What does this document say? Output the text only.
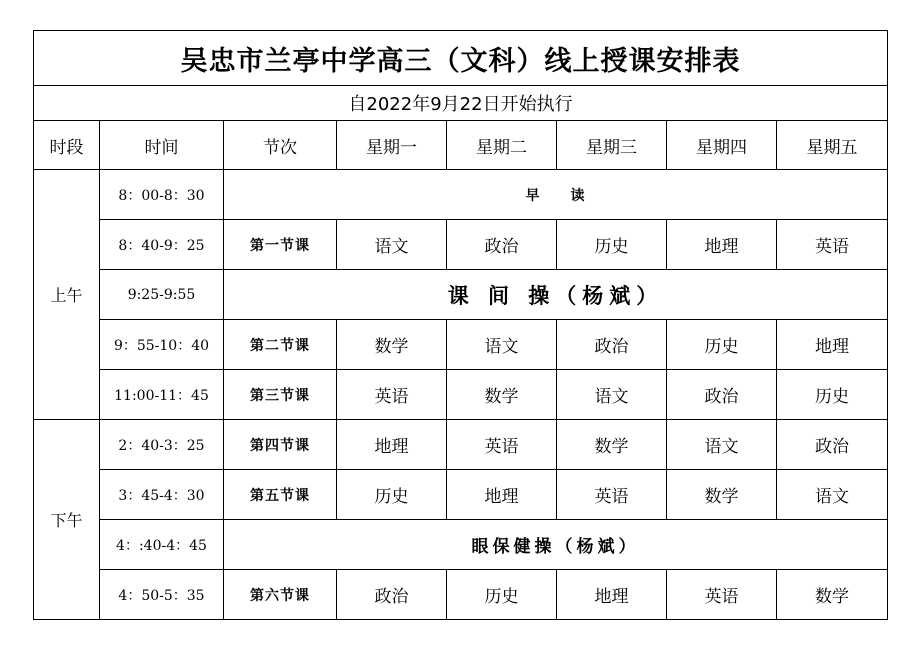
吴忠市兰亭中学高三（文科）线上授课安排表							
自2022年9月22日开始执行							
时段	时间	节次	星期一	星期二	星期三	星期四	星期五
上午	8：00-8：30	早　　读					
	8：40-9：25	第一节课	语文	政治	历史	地理	英语
	9:25-9:55	课 间 操（杨斌）					
	9：55-10：40	第二节课	数学	语文	政治	历史	地理
	11:00-11：45	第三节课	英语	数学	语文	政治	历史
下午	2：40-3：25	第四节课	地理	英语	数学	语文	政治
	3：45-4：30	第五节课	历史	地理	英语	数学	语文
	4：:40-4：45	眼保健操（杨斌）					
	4：50-5：35	第六节课	政治	历史	地理	英语	数学
